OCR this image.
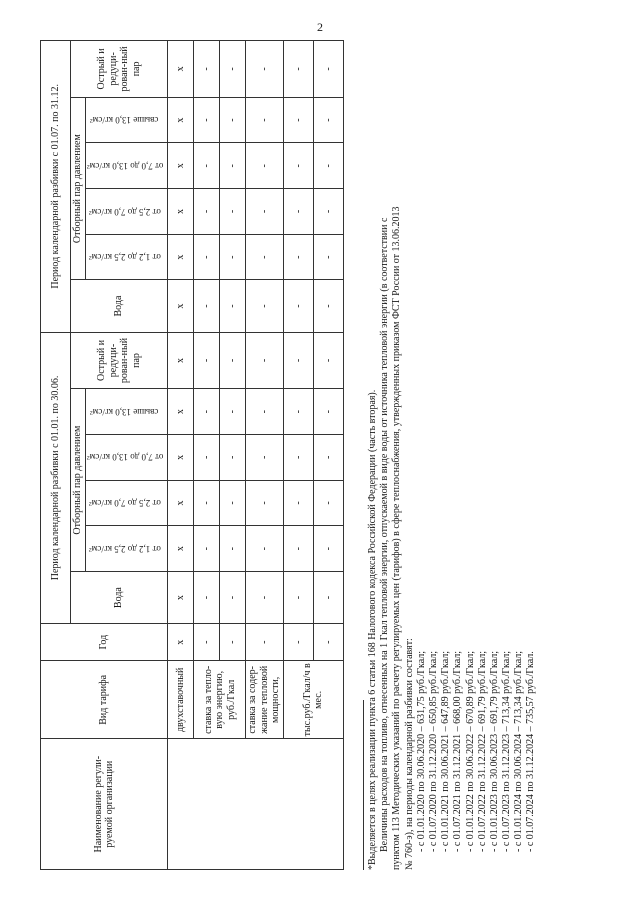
2
Наименование регули-руемой организации	Вид тарифа	Год	Период календарной разбивки с 01.01. по 30.06.						Период календарной разбивки с 01.07. по 31.12.					
			Вода	Отборный пар давлением				Острый и редуци-рован-ный пар	Вода	Отборный пар давлением				Острый и редуци-рован-ный пар
				от 1,2 до 2,5 кг/см²	от 2,5 до 7,0 кг/см²	от 7,0 до 13,0 кг/см²	свыше 13,0 кг/см²			от 1,2 до 2,5 кг/см²	от 2,5 до 7,0 кг/см²	от 7,0 до 13,0 кг/см²	свыше 13,0 кг/см²	
	двухставочный	х	х	х	х	х	х	х	х	х	х	х	х	х
	ставка за тепло-вую энергию, руб./Гкал	-	-	-	-	-	-	-	-	-	-	-	-	-
		-	-	-	-	-	-	-	-	-	-	-	-	-
	ставка за содер-жание тепловой мощности,	-	-	-	-	-	-	-	-	-	-	-	-	-
	тыс.руб./Гкал/ч в мес.	-	-	-	-	-	-	-	-	-	-	-	-	-
		-	-	-	-	-	-	-	-	-	-	-	-	-
*Выделяется в целях реализации пункта 6 статьи 168 Налогового кодекса Российской Федерации (часть вторая). Величины расходов на топливо, отнесенных на 1 Гкал тепловой энергии, отпускаемой в виде воды от источника тепловой энергии (в соответствии с пунктом 113 Методических указаний по расчету регулируемых цен (тарифов) в сфере теплоснабжения, утвержденных приказом ФСТ России от 13.06.2013 № 760-э), на периоды календарной разбивки составят: - с 01.01.2020 по 30.06.2020 – 631,75 руб./Гкал; - с 01.07.2020 по 31.12.2020 – 650,85 руб./Гкал; - с 01.01.2021 по 30.06.2021 – 647,89 руб./Гкал; - с 01.07.2021 по 31.12.2021 – 668,00 руб./Гкал; - с 01.01.2022 по 30.06.2022 – 670,89 руб./Гкал; - с 01.07.2022 по 31.12.2022 – 691,79 руб./Гкал; - с 01.01.2023 по 30.06.2023 – 691,79 руб./Гкал; - с 01.07.2023 по 31.12.2023 – 713,34 руб./Гкал; - с 01.01.2024 по 30.06.2024 – 713,34 руб./Гкал; - с 01.07.2024 по 31.12.2024 – 735,57 руб./Гкал.
